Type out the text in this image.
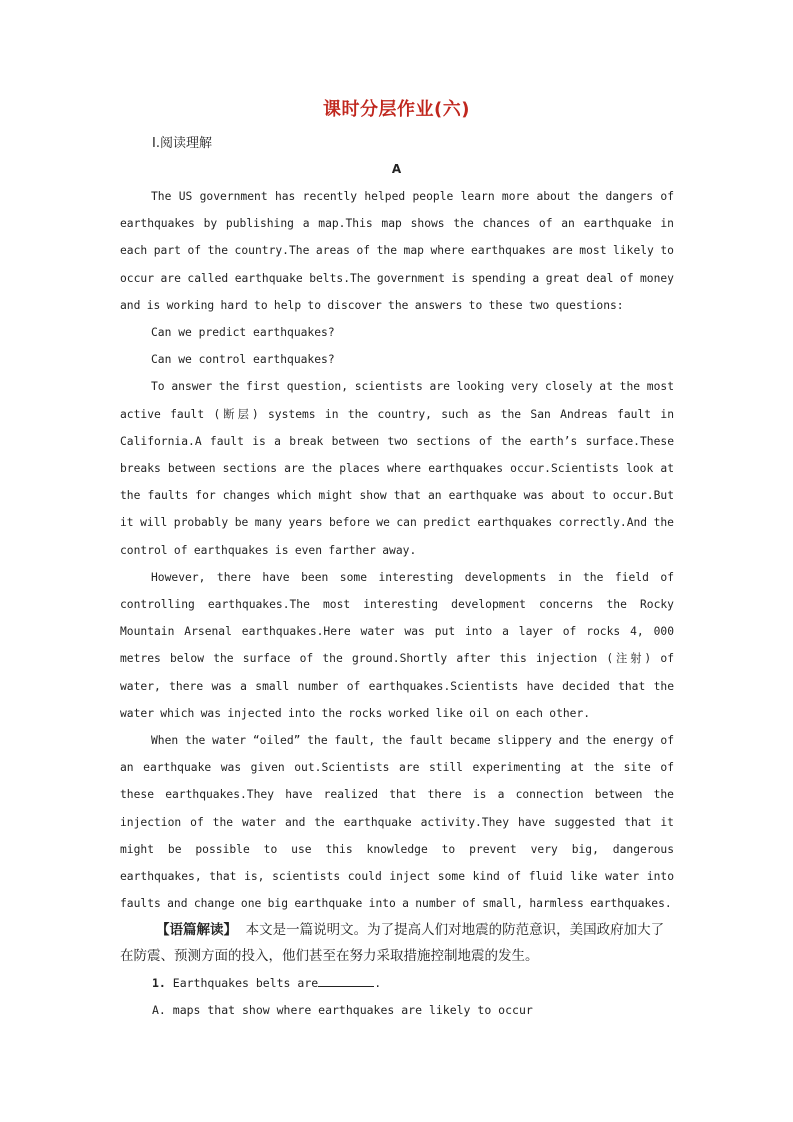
课时分层作业(六)
Ⅰ.阅读理解
A

The US government has recently helped people learn more about the dangers of earthquakes by publishing a map.This map shows the chances of an earthquake in each part of the country.The areas of the map where earthquakes are most likely to occur are called earthquake belts.The government is spending a great deal of money and is working hard to help to discover the answers to these two questions:

Can we predict earthquakes?

Can we control earthquakes?

To answer the first question, scientists are looking very closely at the most active fault (断层) systems in the country, such as the San Andreas fault in California.A fault is a break between two sections of the earth’s surface.These breaks between sections are the places where earthquakes occur.Scientists look at the faults for changes which might show that an earthquake was about to occur.But it will probably be many years before we can predict earthquakes correctly.And the control of earthquakes is even farther away.

However, there have been some interesting developments in the field of controlling earthquakes.The most interesting development concerns the Rocky Mountain Arsenal earthquakes.Here water was put into a layer of rocks 4, 000 metres below the surface of the ground.Shortly after this injection (注射) of water, there was a small number of earthquakes.Scientists have decided that the water which was injected into the rocks worked like oil on each other.

When the water “oiled” the fault, the fault became slippery and the energy of an earthquake was given out.Scientists are still experimenting at the site of these earthquakes.They have realized that there is a connection between the injection of the water and the earthquake activity.They have suggested that it might be possible to use this knowledge to prevent very big, dangerous earthquakes, that is, scientists could inject some kind of fluid like water into faults and change one big earthquake into a number of small, harmless earthquakes.

【语篇解读】 本文是一篇说明文。为了提高人们对地震的防范意识，美国政府加大了在防震、预测方面的投入，他们甚至在努力采取措施控制地震的发生。
1. Earthquakes belts are	.
A. maps that show where earthquakes are likely to occur
